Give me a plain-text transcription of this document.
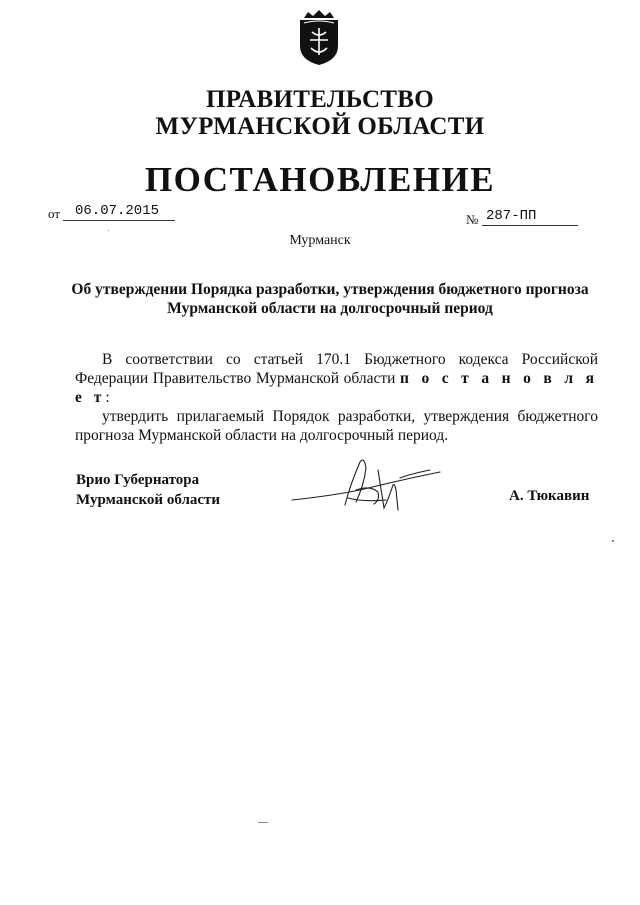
ПРАВИТЕЛЬСТВО
МУРМАНСКОЙ ОБЛАСТИ
ПОСТАНОВЛЕНИЕ
от	06.07.2015
№ 287-ПП
Мурманск
Об утверждении Порядка разработки, утверждения бюджетного прогноза Мурманской области на долгосрочный период

В соответствии со статьей 170.1 Бюджетного кодекса Российской Федерации Правительство Мурманской области п о с т а н о в л я е т:

утвердить прилагаемый Порядок разработки, утверждения бюджетного прогноза Мурманской области на долгосрочный период.

Врио Губернатора
Мурманской области	А. Тюкавин
